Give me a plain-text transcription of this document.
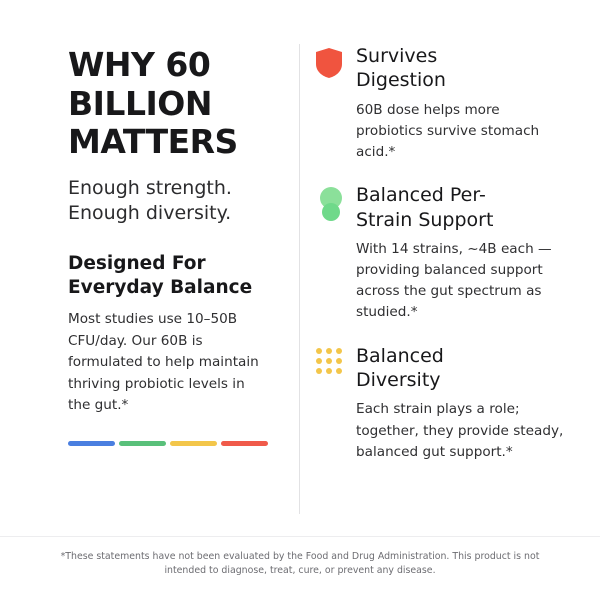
WHY 60
BILLION
MATTERS
Enough strength.
Enough diversity.
Designed For
Everyday Balance

Most studies use 10–50B CFU/day. Our 60B is formulated to help maintain thriving probiotic levels in the gut.*

Survives
Digestion

60B dose helps more probiotics survive stomach acid.*

Balanced Per-
Strain Support

With 14 strains, ~4B each — providing balanced support across the gut spectrum as studied.*

Balanced
Diversity

Each strain plays a role; together, they provide steady, balanced gut support.*

*These statements have not been evaluated by the Food and Drug Administration. This product is not intended to diagnose, treat, cure, or prevent any disease.
